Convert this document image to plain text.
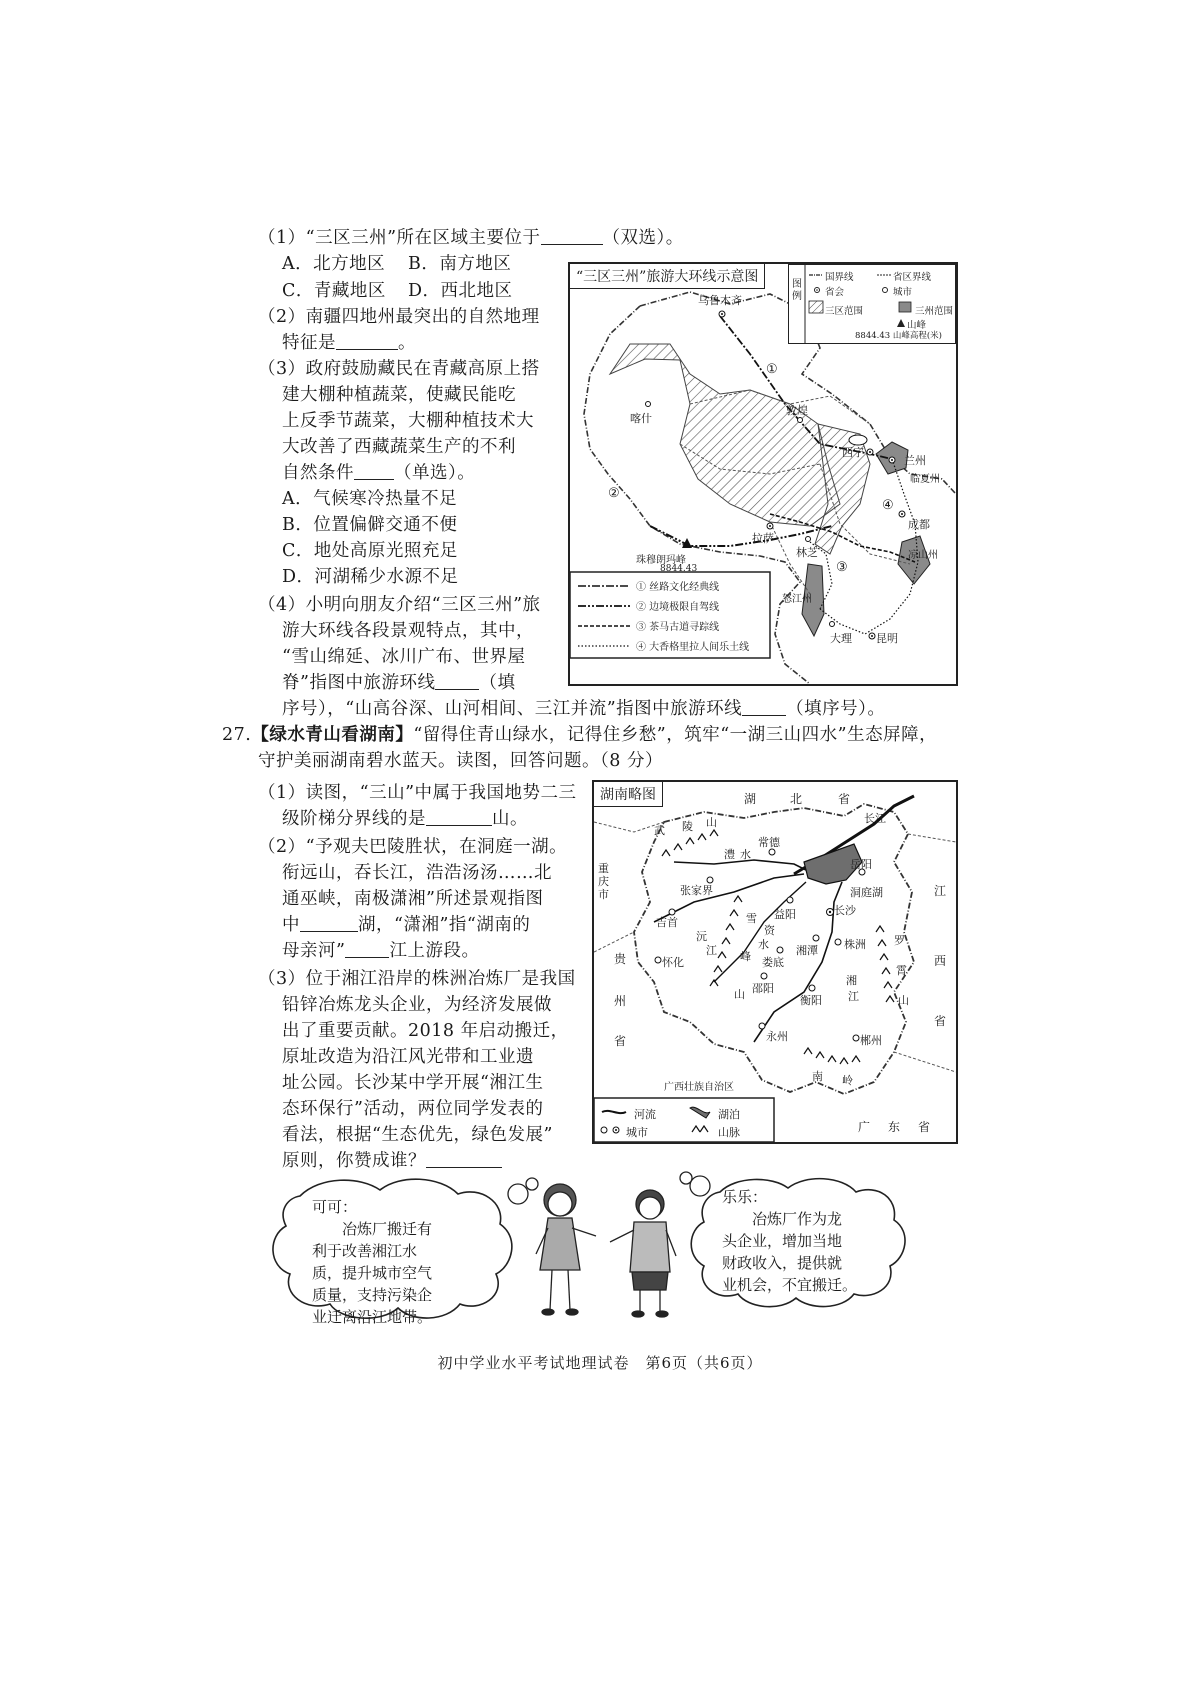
（1）“三区三州”所在区域主要位于	（双选）。
A．北方地区 B．南方地区
C．青藏地区 D．西北地区
（2）南疆四地州最突出的自然地理
特征是	。
（3）政府鼓励藏民在青藏高原上搭
建大棚种植蔬菜，使藏民能吃
上反季节蔬菜，大棚种植技术大
大改善了西藏蔬菜生产的不利
自然条件 （单选）。
A．气候寒冷热量不足
B．位置偏僻交通不便
C．地处高原光照充足
D．河湖稀少水源不足
（4）小明向朋友介绍“三区三州”旅
游大环线各段景观特点，其中，
“雪山绵延、冰川广布、世界屋
脊”指图中旅游环线	（填
序号），“山高谷深、山河相间、三江并流”指图中旅游环线	（填序号）。
“三区三州”旅游大环线示意图	图例
国界线	省区界线
省会	城市
三区范围	三州范围
山峰
8844.43 山峰高程(米)
乌鲁木齐
喀什
敦煌
西宁
兰州
临夏州
成都
拉萨
林芝	凉山州
怒江州
大理 昆明
珠穆朗玛峰
8844.43
①
②
③
④
① 丝路文化经典线
② 边境极限自驾线
③ 茶马古道寻踪线
④ 大香格里拉人间乐土线
27.【绿水青山看湖南】“留得住青山绿水，记得住乡愁”，筑牢“一湖三山四水”生态屏障，
守护美丽湖南碧水蓝天。读图，回答问题。（8 分）
（1）读图，“三山”中属于我国地势二三
级阶梯分界线的是	山。
（2）“予观夫巴陵胜状，在洞庭一湖。
衔远山，吞长江，浩浩汤汤……北
通巫峡，南极潇湘”所述景观指图
中	湖，“潇湘”指“湖南的
母亲河”	江上游段。
（3）位于湘江沿岸的株洲冶炼厂是我国
铅锌冶炼龙头企业，为经济发展做
出了重要贡献。2018 年启动搬迁，
原址改造为沿江风光带和工业遗
址公园。长沙某中学开展“湘江生
态环保行”活动，两位同学发表的
看法，根据“生态优先，绿色发展”
原则，你赞成谁？
湖南略图	湖	北	省
重庆市
贵
州
省
江
西
省
广西壮族自治区
广 东 省
长江
洞庭湖
张家界
常德
岳阳
益阳	长沙
湘潭 株洲
吉首
怀化	娄底
邵阳
衡阳
永州	郴州
武 陵 山
雪
峰
山
罗
霄
山
南 岭
澧 水
沅
江
资
水
湘
江
河流	湖泊
城市	山脉
可可：
冶炼厂搬迁有
利于改善湘江水
质，提升城市空气
质量，支持污染企
业迁离沿江地带。
乐乐：
冶炼厂作为龙
头企业，增加当地
财政收入，提供就
业机会，不宜搬迁。
初中学业水平考试地理试卷　第6页（共6页）
